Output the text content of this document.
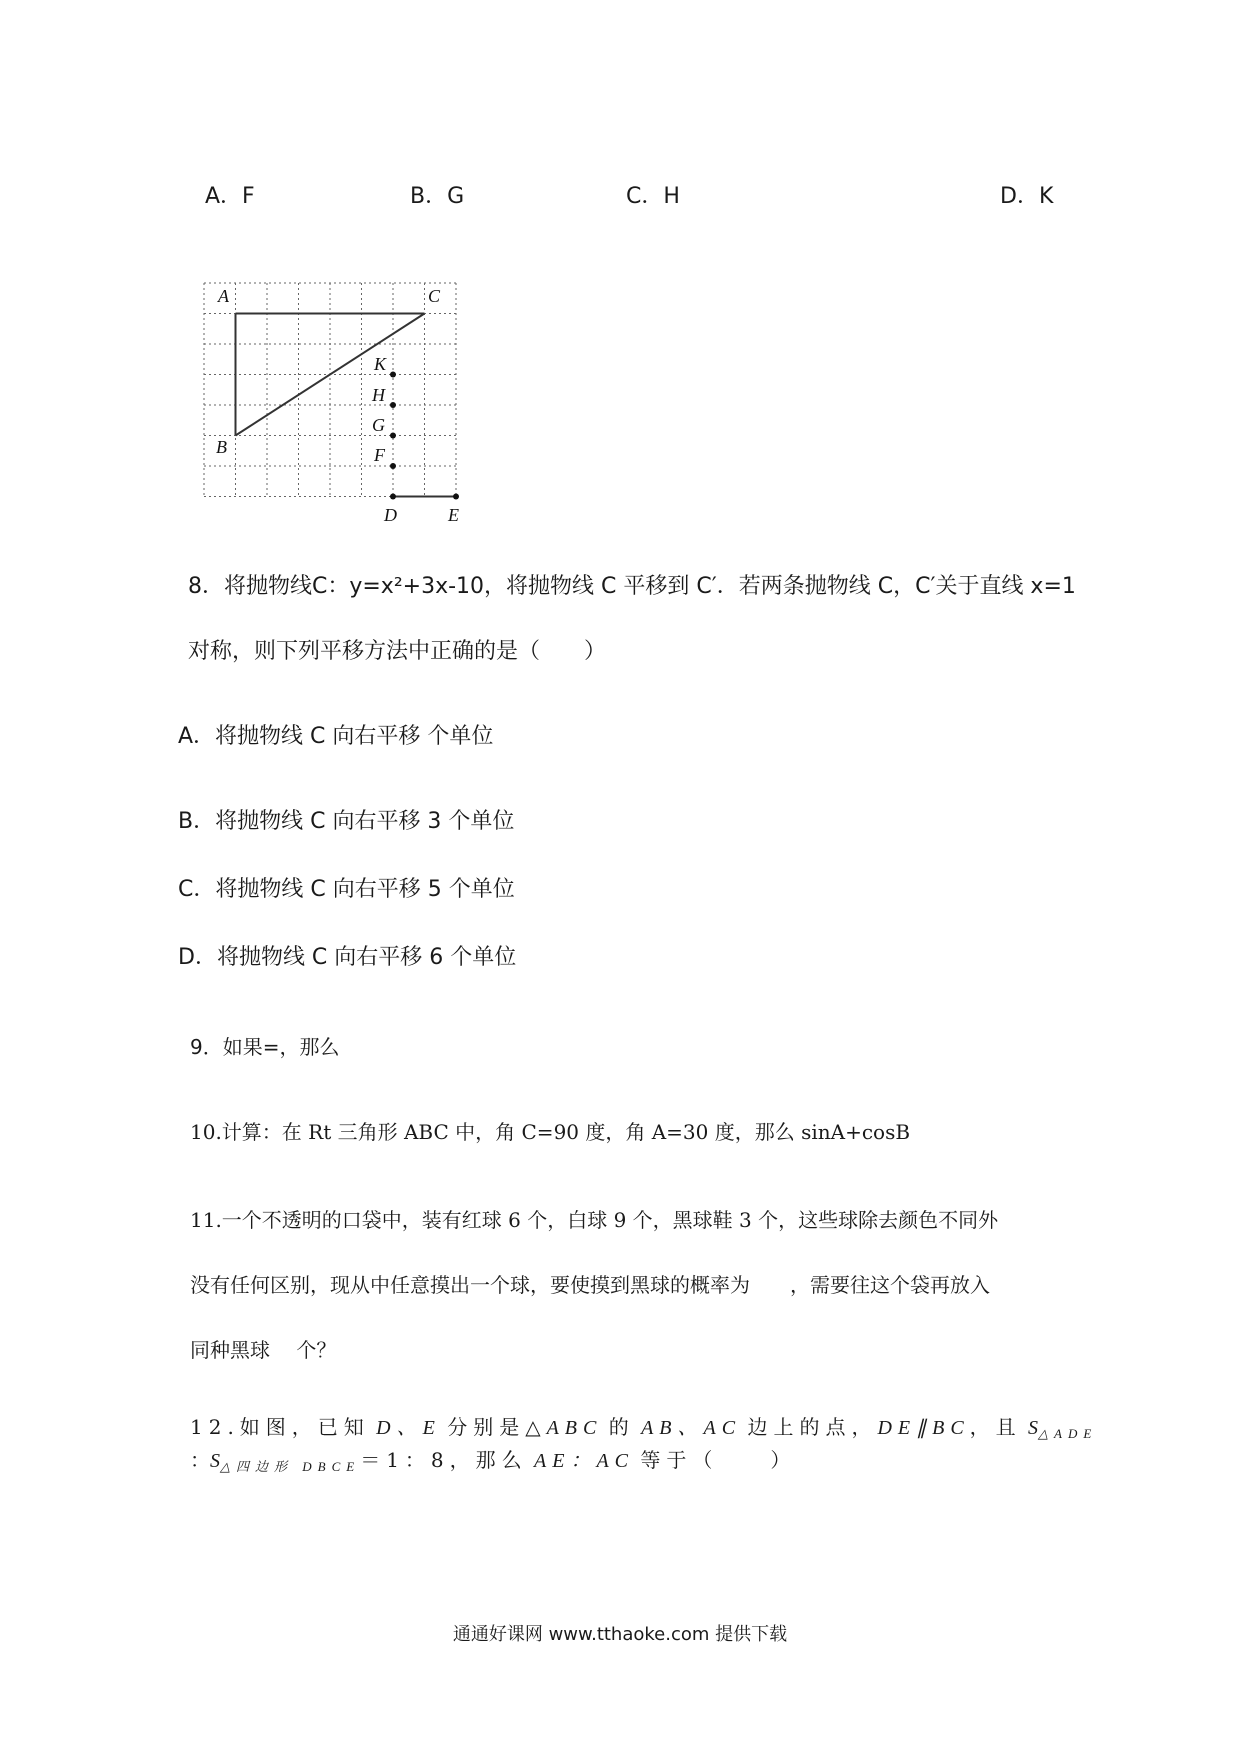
A．F	B．G	C．H	D．K
A	C
B
K
H
G
F
D	E
8．将抛物线C：y=x²+3x-10，将抛物线 C 平移到 C′．若两条抛物线 C，C′关于直线 x=1
对称，则下列平移方法中正确的是（　　）
A．将抛物线 C 向右平移 个单位
B．将抛物线 C 向右平移 3 个单位
C．将抛物线 C 向右平移 5 个单位
D．将抛物线 C 向右平移 6 个单位
9．如果=，那么
10.计算：在 Rt 三角形 ABC 中，角 C=90 度，角 A=30 度，那么 sinA+cosB
11.一个不透明的口袋中，装有红球 6 个，白球 9 个，黑球鞋 3 个，这些球除去颜色不同外
没有任何区别，现从中任意摸出一个球，要使摸到黑球的概率为　　，需要往这个袋再放入
同种黑球　 个？
12.如图，已知 D、E 分别是△ABC 的 AB、AC 边上的点，DE∥BC，且 $S_{\triangle ADE}$
：$S_{\triangle 四边形 DBCE}=1$：8，那么 AE：AC 等于（　　）
通通好课网 www.tthaoke.com 提供下载
